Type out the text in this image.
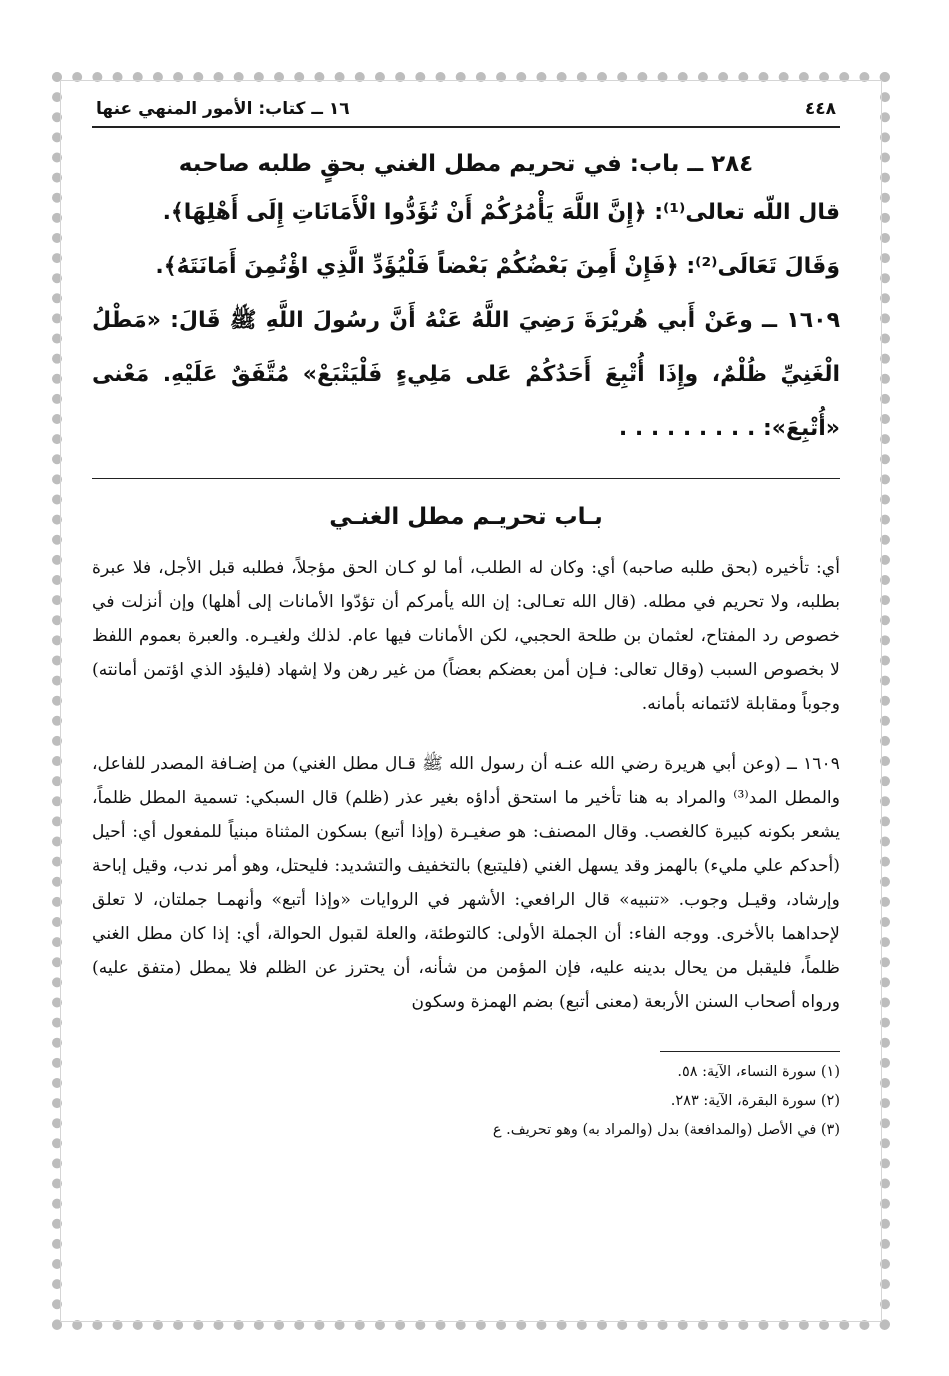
٤٤٨
١٦ ــ كتاب: الأمور المنهي عنها
٢٨٤ ــ باب: في تحريم مطل الغني بحقٍ طلبه صاحبه
قال اللّه تعالى⁽¹⁾: ﴿إِنَّ اللَّهَ يَأْمُرُكُمْ أَنْ تُؤَدُّوا الْأَمَانَاتِ إِلَى أَهْلِهَا﴾.
وَقَالَ تَعَالَى⁽²⁾: ﴿فَإِنْ أَمِنَ بَعْضُكُمْ بَعْضاً فَلْيُؤَدِّ الَّذِي اؤْتُمِنَ أَمَانَتَهُ﴾.
١٦٠٩ ــ وعَنْ أَبي هُريْرَةَ رَضِيَ اللَّهُ عَنْهُ أَنَّ رسُولَ اللَّهِ ﷺ قَالَ: «مَطْلُ الْغَنِيِّ ظُلْمٌ، وإِذَا أُتْبِعَ أَحَدُكُمْ عَلى مَلِيءٍ فَلْيَتْبَعْ» مُتَّفَقٌ عَلَيْهِ. مَعْنى «أُتْبِعَ»: . . . . . . . . .
بـاب تحريـم مطل الغنـي
أي: تأخيره (بحق طلبه صاحبه) أي: وكان له الطلب، أما لو كـان الحق مؤجلاً، فطلبه قبل الأجل، فلا عبرة بطلبه، ولا تحريم في مطله. (قال الله تعـالى: إن الله يأمركم أن تؤدّوا الأمانات إلى أهلها) وإن أنزلت في خصوص رد المفتاح، لعثمان بن طلحة الحجبي، لكن الأمانات فيها عام. لذلك ولغيـره. والعبرة بعموم اللفظ لا بخصوص السبب (وقال تعالى: فـإن أمن بعضكم بعضاً) من غير رهن ولا إشهاد (فليؤد الذي اؤتمن أمانته) وجوباً ومقابلة لائتمانه بأمانه.
١٦٠٩ ــ (وعن أبي هريرة رضي الله عنـه أن رسول الله ﷺ قـال مطل الغني) من إضـافة المصدر للفاعل، والمطل المد⁽³⁾ والمراد به هنا تأخير ما استحق أداؤه بغير عذر (ظلم) قال السبكي: تسمية المطل ظلماً، يشعر بكونه كبيرة كالغصب. وقال المصنف: هو صغيـرة (وإذا أتبع) بسكون المثناة مبنياً للمفعول أي: أحيل (أحدكم علي مليء) بالهمز وقد يسهل الغني (فليتبع) بالتخفيف والتشديد: فليحتل، وهو أمر ندب، وقيل إباحة وإرشاد، وقيـل وجوب. «تنبيه» قال الرافعي: الأشهر في الروايات «وإذا أتبع» وأنهمـا جملتان، لا تعلق لإحداهما بالأخرى. ووجه الفاء: أن الجملة الأولى: كالتوطئة، والعلة لقبول الحوالة، أي: إذا كان مطل الغني ظلماً، فليقبل من يحال بدينه عليه، فإن المؤمن من شأنه، أن يحترز عن الظلم فلا يمطل (متفق عليه) ورواه أصحاب السنن الأربعة (معنى أتبع) بضم الهمزة وسكون
(١) سورة النساء، الآية: ٥٨.
(٢) سورة البقرة، الآية: ٢٨٣.
(٣) في الأصل (والمدافعة) بدل (والمراد به) وهو تحريف. ع
